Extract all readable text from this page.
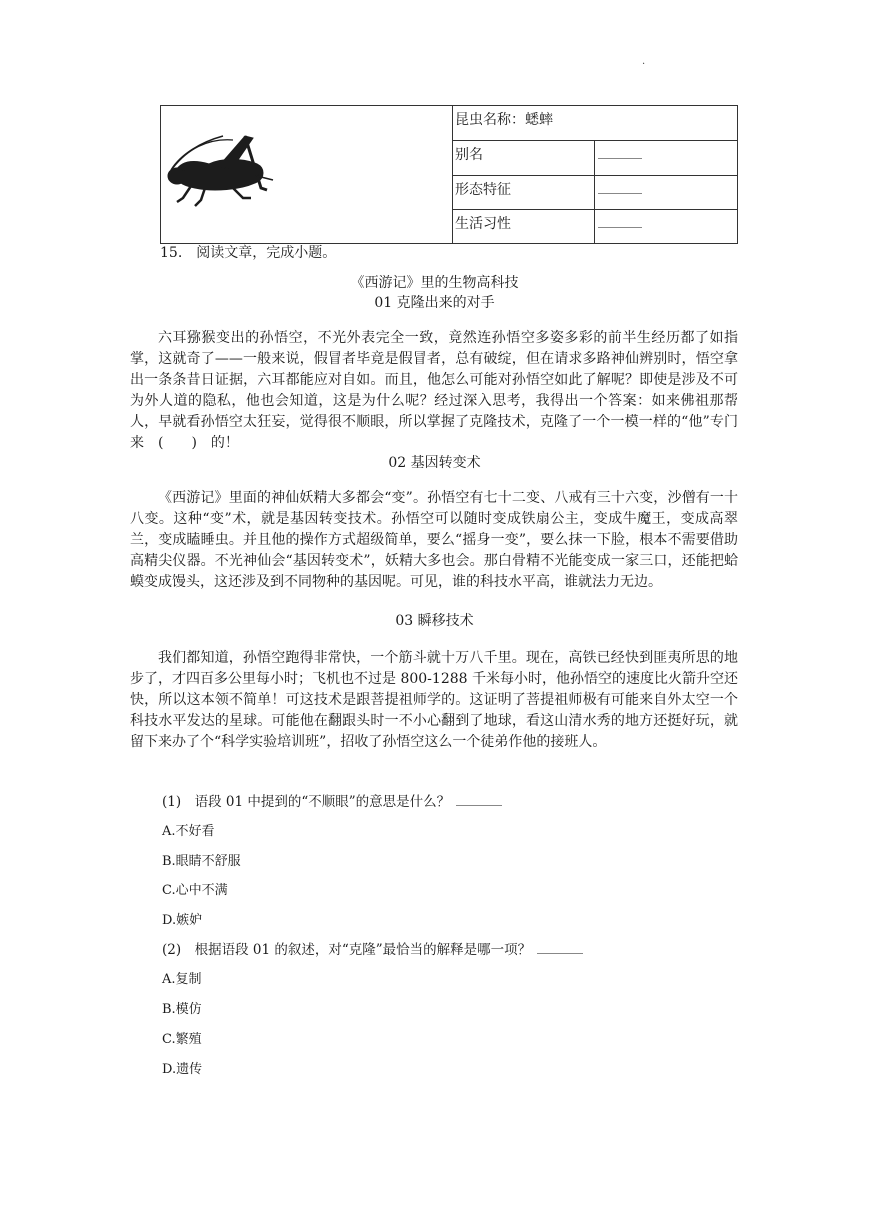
.
	昆虫名称：蟋蟀	
	别名	
	形态特征	
	生活习性	
15.　阅读文章，完成小题。
《西游记》里的生物高科技
01 克隆出来的对手

六耳猕猴变出的孙悟空，不光外表完全一致，竟然连孙悟空多姿多彩的前半生经历都了如指掌，这就奇了——一般来说，假冒者毕竟是假冒者，总有破绽，但在请求多路神仙辨别时，悟空拿出一条条昔日证据，六耳都能应对自如。而且，他怎么可能对孙悟空如此了解呢？即使是涉及不可为外人道的隐私，他也会知道，这是为什么呢？经过深入思考，我得出一个答案：如来佛祖那帮人，早就看孙悟空太狂妄，觉得很不顺眼，所以掌握了克隆技术，克隆了一个一模一样的“他”专门来　(　　)　的！

02 基因转变术

《西游记》里面的神仙妖精大多都会“变”。孙悟空有七十二变、八戒有三十六变，沙僧有一十八变。这种“变”术，就是基因转变技术。孙悟空可以随时变成铁扇公主，变成牛魔王，变成高翠兰，变成瞌睡虫。并且他的操作方式超级简单，要么“摇身一变”，要么抹一下脸，根本不需要借助高精尖仪器。不光神仙会“基因转变术”，妖精大多也会。那白骨精不光能变成一家三口，还能把蛤蟆变成馒头，这还涉及到不同物种的基因呢。可见，谁的科技水平高，谁就法力无边。

03 瞬移技术

我们都知道，孙悟空跑得非常快，一个筋斗就十万八千里。现在，高铁已经快到匪夷所思的地步了，才四百多公里每小时；飞机也不过是 800-1288 千米每小时，他孙悟空的速度比火箭升空还快，所以这本领不简单！可这技术是跟菩提祖师学的。这证明了菩提祖师极有可能来自外太空一个科技水平发达的星球。可能他在翻跟头时一不小心翻到了地球，看这山清水秀的地方还挺好玩，就留下来办了个“科学实验培训班”，招收了孙悟空这么一个徒弟作他的接班人。

(1)　语段 01 中提到的“不顺眼”的意思是什么？
A.不好看
B.眼睛不舒服
C.心中不满
D.嫉妒
(2)　根据语段 01 的叙述，对“克隆”最恰当的解释是哪一项？
A.复制
B.模仿
C.繁殖
D.遗传
